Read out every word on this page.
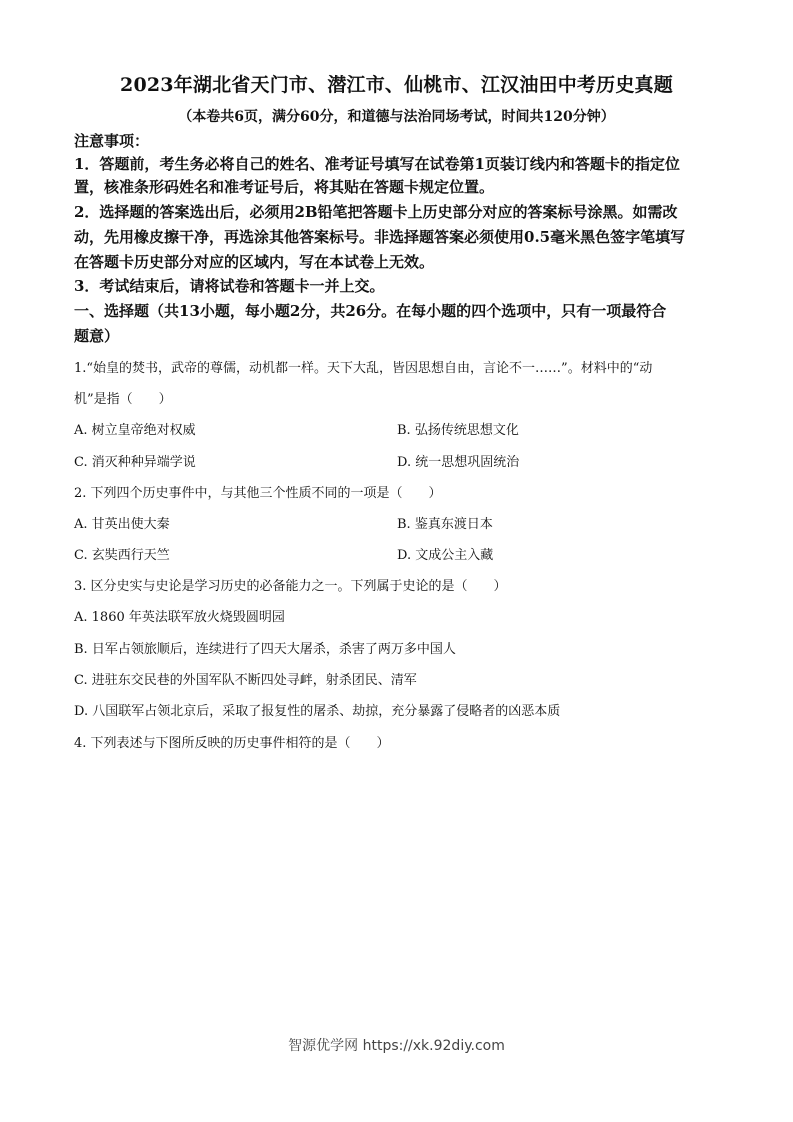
2023年湖北省天门市、潜江市、仙桃市、江汉油田中考历史真题
（本卷共6页，满分60分，和道德与法治同场考试，时间共120分钟）
注意事项：
1．答题前，考生务必将自己的姓名、准考证号填写在试卷第1页装订线内和答题卡的指定位
置，核准条形码姓名和准考证号后，将其贴在答题卡规定位置。
2．选择题的答案选出后，必须用2B铅笔把答题卡上历史部分对应的答案标号涂黑。如需改
动，先用橡皮擦干净，再选涂其他答案标号。非选择题答案必须使用0.5毫米黑色签字笔填写
在答题卡历史部分对应的区域内，写在本试卷上无效。
3．考试结束后，请将试卷和答题卡一并上交。
一、选择题（共13小题，每小题2分，共26分。在每小题的四个选项中，只有一项最符合
题意）
1.“始皇的焚书，武帝的尊儒，动机都一样。天下大乱，皆因思想自由，言论不一……”。材料中的“动
机”是指（　　）
A. 树立皇帝绝对权威	B. 弘扬传统思想文化
C. 消灭种种异端学说	D. 统一思想巩固统治
2. 下列四个历史事件中，与其他三个性质不同的一项是（　　）
A. 甘英出使大秦	B. 鉴真东渡日本
C. 玄奘西行天竺	D. 文成公主入藏
3. 区分史实与史论是学习历史的必备能力之一。下列属于史论的是（　　）
A. 1860 年英法联军放火烧毁圆明园
B. 日军占领旅顺后，连续进行了四天大屠杀，杀害了两万多中国人
C. 进驻东交民巷的外国军队不断四处寻衅，射杀团民、清军
D. 八国联军占领北京后，采取了报复性的屠杀、劫掠，充分暴露了侵略者的凶恶本质
4. 下列表述与下图所反映的历史事件相符的是（　　）
智源优学网 https://xk.92diy.com
